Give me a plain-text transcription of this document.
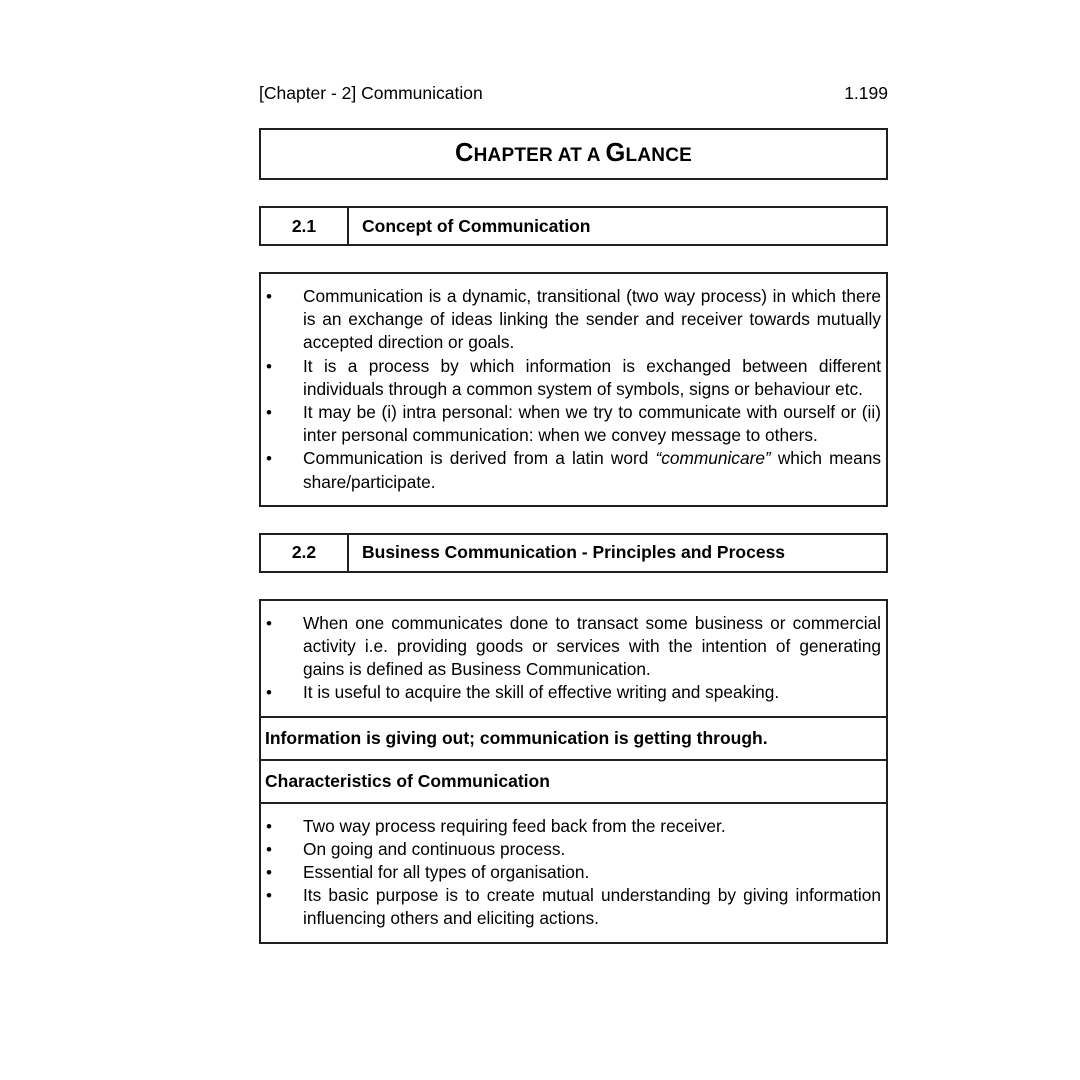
[Chapter - 2] Communication	1.199
CHAPTER AT A GLANCE
2.1	Concept of Communication
• Communication is a dynamic, transitional (two way process) in which there is an exchange of ideas linking the sender and receiver towards mutually accepted direction or goals.
• It is a process by which information is exchanged between different individuals through a common system of symbols, signs or behaviour etc.
• It may be (i) intra personal: when we try to communicate with ourself or (ii) inter personal communication: when we convey message to others.
• Communication is derived from a latin word “communicare” which means share/participate.
2.2	Business Communication - Principles and Process
• When one communicates done to transact some business or commercial activity i.e. providing goods or services with the intention of generating gains is defined as Business Communication.
• It is useful to acquire the skill of effective writing and speaking.
Information is giving out; communication is getting through.
Characteristics of Communication
• Two way process requiring feed back from the receiver.
• On going and continuous process.
• Essential for all types of organisation.
• Its basic purpose is to create mutual understanding by giving information influencing others and eliciting actions.
